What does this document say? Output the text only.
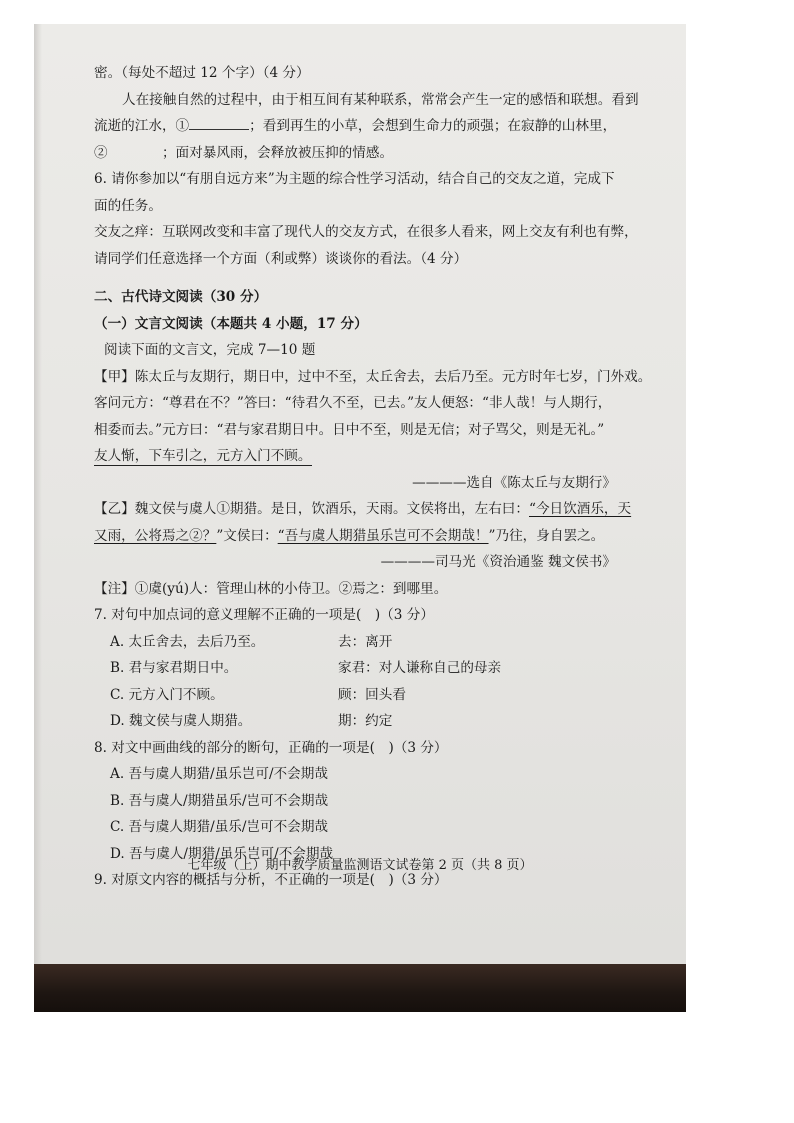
密。（每处不超过 12 个字）（4 分）
人在接触自然的过程中，由于相互间有某种联系，常常会产生一定的感悟和联想。看到
流逝的江水，①	；看到再生的小草，会想到生命力的顽强；在寂静的山林里，
②　　　　；面对暴风雨，会释放被压抑的情感。
6. 请你参加以“有朋自远方来”为主题的综合性学习活动，结合自己的交友之道，完成下
面的任务。
交友之痒：互联网改变和丰富了现代人的交友方式，在很多人看来，网上交友有利也有弊，
请同学们任意选择一个方面（利或弊）谈谈你的看法。（4 分）
二、古代诗文阅读（30 分）
（一）文言文阅读（本题共 4 小题，17 分）
阅读下面的文言文，完成 7—10 题
【甲】陈太丘与友期行，期日中，过中不至，太丘舍去，去后乃至。元方时年七岁，门外戏。
客问元方：“尊君在不？”答曰：“待君久不至，已去。”友人便怒：“非人哉！与人期行，
相委而去。”元方曰：“君与家君期日中。日中不至，则是无信；对子骂父，则是无礼。”
友人惭，下车引之，元方入门不顾。
————选自《陈太丘与友期行》
【乙】魏文侯与虞人①期猎。是日，饮酒乐，天雨。文侯将出，左右曰：“今日饮酒乐，天
又雨，公将焉之②？”文侯曰：“吾与虞人期猎虽乐岂可不会期哉！”乃往，身自罢之。
————司马光《资治通鉴 魏文侯书》
【注】①虞(yú)人：管理山林的小侍卫。②焉之：到哪里。
7. 对句中加点词的意义理解不正确的一项是(　)（3 分）
A. 太丘舍去，去后乃至。	去：离开
B. 君与家君期日中。	家君：对人谦称自己的母亲
C. 元方入门不顾。	顾：回头看
D. 魏文侯与虞人期猎。	期：约定
8. 对文中画曲线的部分的断句，正确的一项是(　)（3 分）
A. 吾与虞人期猎/虽乐岂可/不会期哉
B. 吾与虞人/期猎虽乐/岂可不会期哉
C. 吾与虞人期猎/虽乐/岂可不会期哉
D. 吾与虞人/期猎/虽乐岂可/不会期哉
9. 对原文内容的概括与分析，不正确的一项是(　)（3 分）
七年级（上）期中教学质量监测语文试卷第 2 页（共 8 页）
